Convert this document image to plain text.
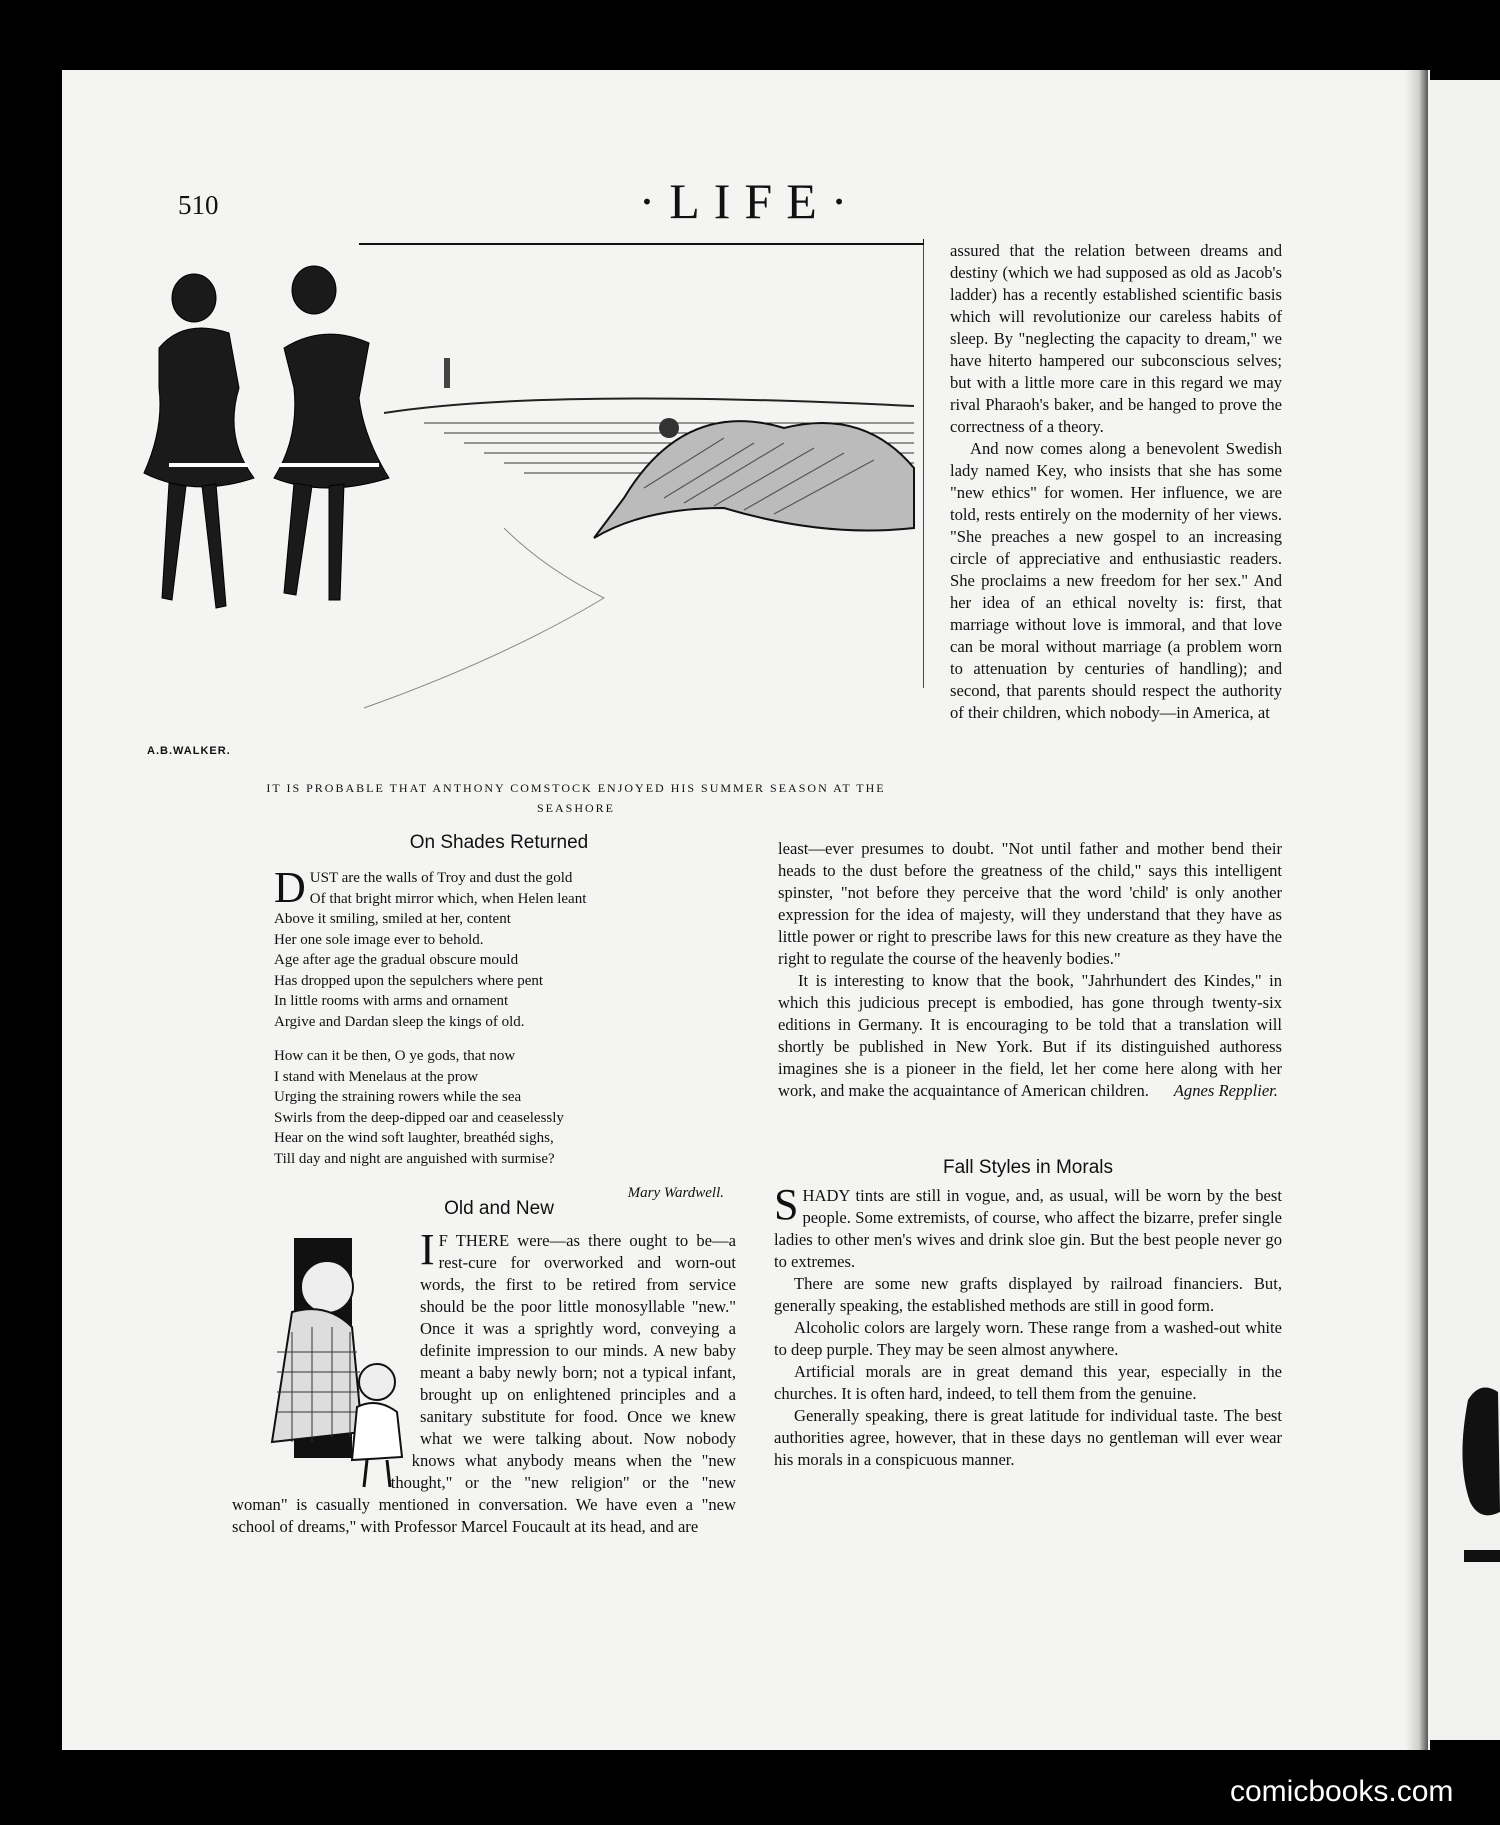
510	·LIFE·
A.B.WALKER.
IT IS PROBABLE THAT ANTHONY COMSTOCK ENJOYED HIS SUMMER SEASON AT THE SEASHORE

assured that the relation between dreams and destiny (which we had supposed as old as Jacob's ladder) has a recently established scientific basis which will revolutionize our careless habits of sleep. By "neglecting the capacity to dream," we have hiterto hampered our subconscious selves; but with a little more care in this regard we may rival Pharaoh's baker, and be hanged to prove the correctness of a theory.

And now comes along a benevolent Swedish lady named Key, who insists that she has some "new ethics" for women. Her influence, we are told, rests entirely on the modernity of her views. "She preaches a new gospel to an increasing circle of appreciative and enthusiastic readers. She proclaims a new freedom for her sex." And her idea of an ethical novelty is: first, that marriage without love is immoral, and that love can be moral without marriage (a problem worn to attenuation by centuries of handling); and second, that parents should respect the authority of their children, which nobody—in America, at

least—ever presumes to doubt. "Not until father and mother bend their heads to the dust before the greatness of the child," says this intelligent spinster, "not before they perceive that the word 'child' is only another expression for the idea of majesty, will they understand that they have as little power or right to prescribe laws for this new creature as they have the right to regulate the course of the heavenly bodies."

It is interesting to know that the book, "Jahrhundert des Kindes," in which this judicious precept is embodied, has gone through twenty-six editions in Germany. It is encouraging to be told that a translation will shortly be published in New York. But if its distinguished authoress imagines she is a pioneer in the field, let her come here along with her work, and make the acquaintance of American children. Agnes Repplier.

On Shades Returned
D UST are the walls of Troy and dust the gold
Of that bright mirror which, when Helen leant
Above it smiling, smiled at her, content
Her one sole image ever to behold.
Age after age the gradual obscure mould
Has dropped upon the sepulchers where pent
In little rooms with arms and ornament
Argive and Dardan sleep the kings of old.
How can it be then, O ye gods, that now
I stand with Menelaus at the prow
Urging the straining rowers while the sea
Swirls from the deep-dipped oar and ceaselessly
Hear on the wind soft laughter, breathéd sighs,
Till day and night are anguished with surmise?
Mary Wardwell.
Old and New
I F THERE were—as there ought to be—a rest-cure for overworked and worn-out words, the first to be retired from service should be the poor little monosyllable "new." Once it was a sprightly word, conveying a definite impression to our minds. A new baby meant a baby newly born; not a typical infant, brought up on enlightened principles and a sanitary substitute for food. Once we knew what we were talking about. Now nobody knows what anybody means when the "new thought," or the "new religion" or the "new woman" is casually mentioned in conversation. We have even a "new school of dreams," with Professor Marcel Foucault at its head, and are
Fall Styles in Morals

SHADY tints are still in vogue, and, as usual, will be worn by the best people. Some extremists, of course, who affect the bizarre, prefer single ladies to other men's wives and drink sloe gin. But the best people never go to extremes.

There are some new grafts displayed by railroad financiers. But, generally speaking, the established methods are still in good form.

Alcoholic colors are largely worn. These range from a washed-out white to deep purple. They may be seen almost anywhere.

Artificial morals are in great demand this year, especially in the churches. It is often hard, indeed, to tell them from the genuine.

Generally speaking, there is great latitude for individual taste. The best authorities agree, however, that in these days no gentleman will ever wear his morals in a conspicuous manner.

comicbooks.com
